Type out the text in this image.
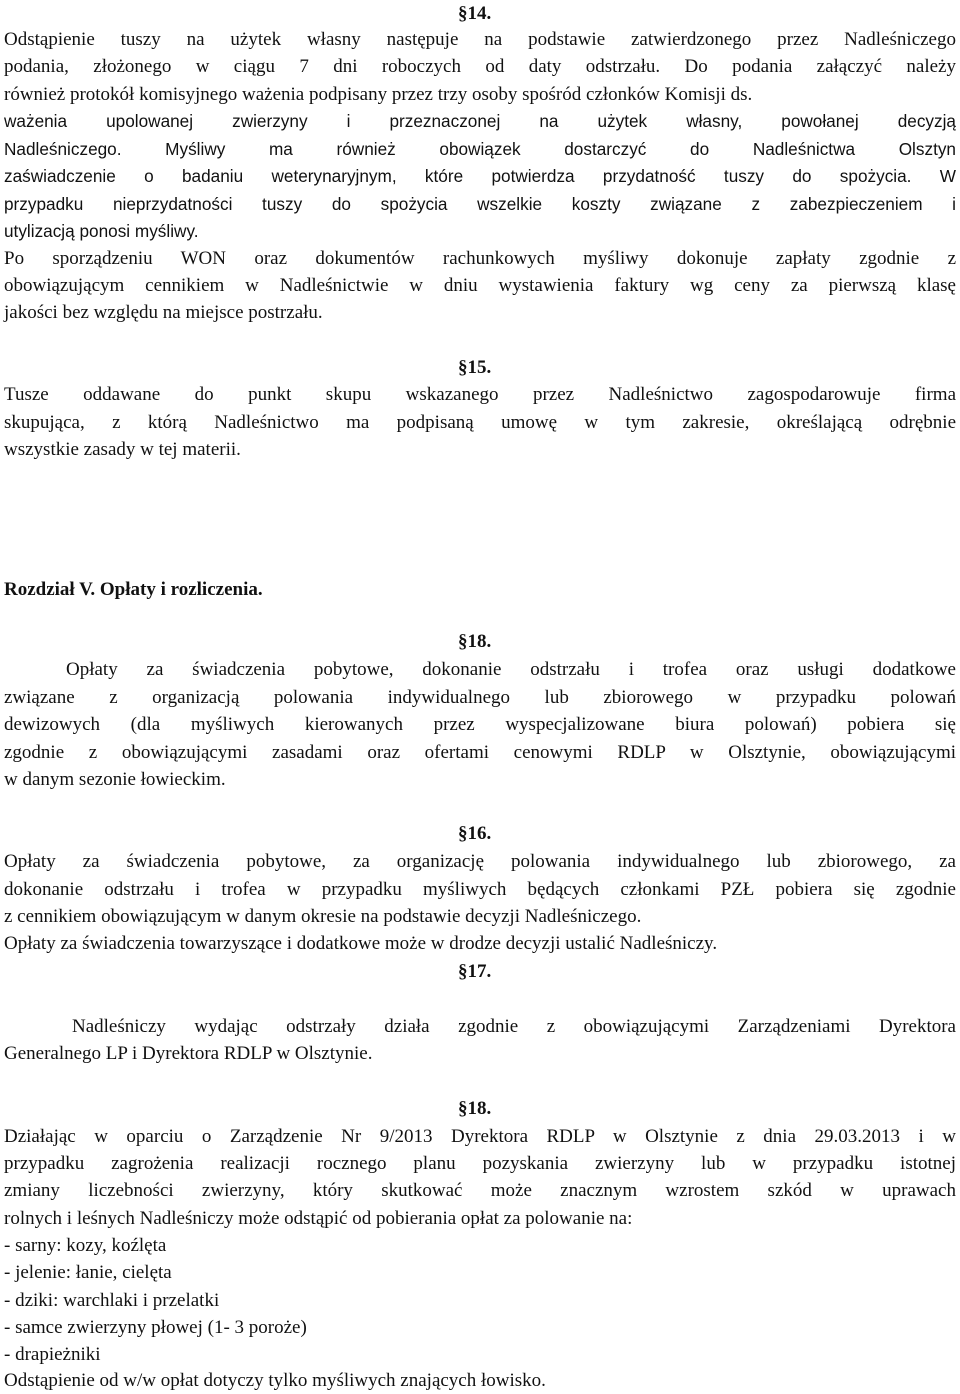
§14.
Odstąpienie tuszy na użytek własny następuje na podstawie zatwierdzonego przez Nadleśniczego
podania, złożonego w ciągu 7 dni roboczych od daty odstrzału. Do podania załączyć należy
również protokół komisyjnego ważenia podpisany przez trzy osoby spośród członków Komisji ds.
ważenia upolowanej zwierzyny i przeznaczonej na użytek własny, powołanej decyzją
Nadleśniczego. Myśliwy ma również obowiązek dostarczyć do Nadleśnictwa Olsztyn
zaświadczenie o badaniu weterynaryjnym, które potwierdza przydatność tuszy do spożycia. W
przypadku nieprzydatności tuszy do spożycia wszelkie koszty związane z zabezpieczeniem i
utylizacją ponosi myśliwy.
Po sporządzeniu WON oraz dokumentów rachunkowych myśliwy dokonuje zapłaty zgodnie z
obowiązującym cennikiem w Nadleśnictwie w dniu wystawienia faktury wg ceny za pierwszą klasę
jakości bez względu na miejsce postrzału.
§15.
Tusze oddawane do punkt skupu wskazanego przez Nadleśnictwo zagospodarowuje firma
skupująca, z którą Nadleśnictwo ma podpisaną umowę w tym zakresie, określającą odrębnie
wszystkie zasady w tej materii.
Rozdział V. Opłaty i rozliczenia.
§18.
Opłaty za świadczenia pobytowe, dokonanie odstrzału i trofea oraz usługi dodatkowe
związane z organizacją polowania indywidualnego lub zbiorowego w przypadku polowań
dewizowych (dla myśliwych kierowanych przez wyspecjalizowane biura polowań) pobiera się
zgodnie z obowiązującymi zasadami oraz ofertami cenowymi RDLP w Olsztynie, obowiązującymi
w danym sezonie łowieckim.
§16.
Opłaty za świadczenia pobytowe, za organizację polowania indywidualnego lub zbiorowego, za
dokonanie odstrzału i trofea w przypadku myśliwych będących członkami PZŁ pobiera się zgodnie
z cennikiem obowiązującym w danym okresie na podstawie decyzji Nadleśniczego.
Opłaty za świadczenia towarzyszące i dodatkowe może w drodze decyzji ustalić Nadleśniczy.
§17.
Nadleśniczy wydając odstrzały działa zgodnie z obowiązującymi Zarządzeniami Dyrektora
Generalnego LP i Dyrektora RDLP w Olsztynie.
§18.
Działając w oparciu o Zarządzenie Nr 9/2013 Dyrektora RDLP w Olsztynie z dnia 29.03.2013 i w
przypadku zagrożenia realizacji rocznego planu pozyskania zwierzyny lub w przypadku istotnej
zmiany liczebności zwierzyny, który skutkować może znacznym wzrostem szkód w uprawach
rolnych i leśnych Nadleśniczy może odstąpić od pobierania opłat za polowanie na:
- sarny: kozy, koźlęta
- jelenie: łanie, cielęta
- dziki: warchlaki i przelatki
- samce zwierzyny płowej (1- 3 poroże)
- drapieżniki
Odstąpienie od w/w opłat dotyczy tylko myśliwych znających łowisko.
